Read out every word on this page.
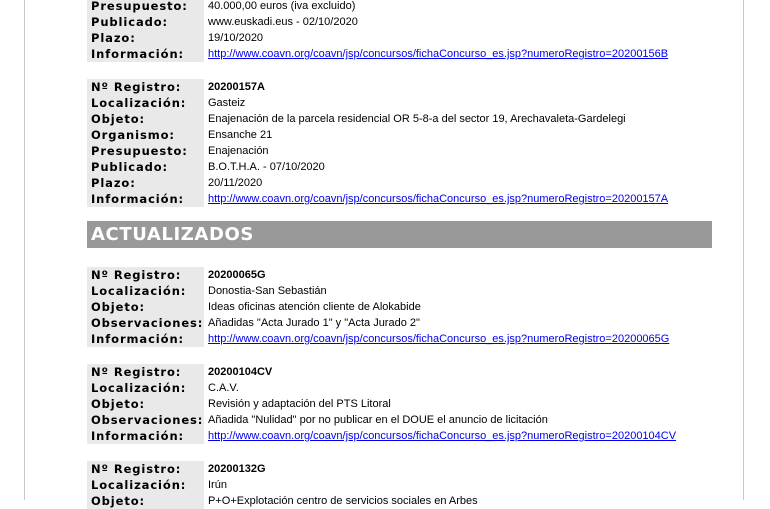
Presupuesto:	40.000,00 euros (iva excluido)
Publicado:	www.euskadi.eus - 02/10/2020
Plazo:	19/10/2020
Información:	http://www.coavn.org/coavn/jsp/concursos/fichaConcurso_es.jsp?numeroRegistro=20200156B
Nº Registro:	20200157A
Localización:	Gasteiz
Objeto:	Enajenación de la parcela residencial OR 5-8-a del sector 19, Arechavaleta-Gardelegi
Organismo:	Ensanche 21
Presupuesto:	Enajenación
Publicado:	B.O.T.H.A. - 07/10/2020
Plazo:	20/11/2020
Información:	http://www.coavn.org/coavn/jsp/concursos/fichaConcurso_es.jsp?numeroRegistro=20200157A
ACTUALIZADOS
Nº Registro:	20200065G
Localización:	Donostia-San Sebastián
Objeto:	Ideas oficinas atención cliente de Alokabide
Observaciones: Añadidas "Acta Jurado 1" y "Acta Jurado 2"
Información:	http://www.coavn.org/coavn/jsp/concursos/fichaConcurso_es.jsp?numeroRegistro=20200065G
Nº Registro:	20200104CV
Localización:	C.A.V.
Objeto:	Revisión y adaptación del PTS Litoral
Observaciones: Añadida "Nulidad" por no publicar en el DOUE el anuncio de licitación
Información:	http://www.coavn.org/coavn/jsp/concursos/fichaConcurso_es.jsp?numeroRegistro=20200104CV
Nº Registro:	20200132G
Localización:	Irún
Objeto:	P+O+Explotación centro de servicios sociales en Arbes
